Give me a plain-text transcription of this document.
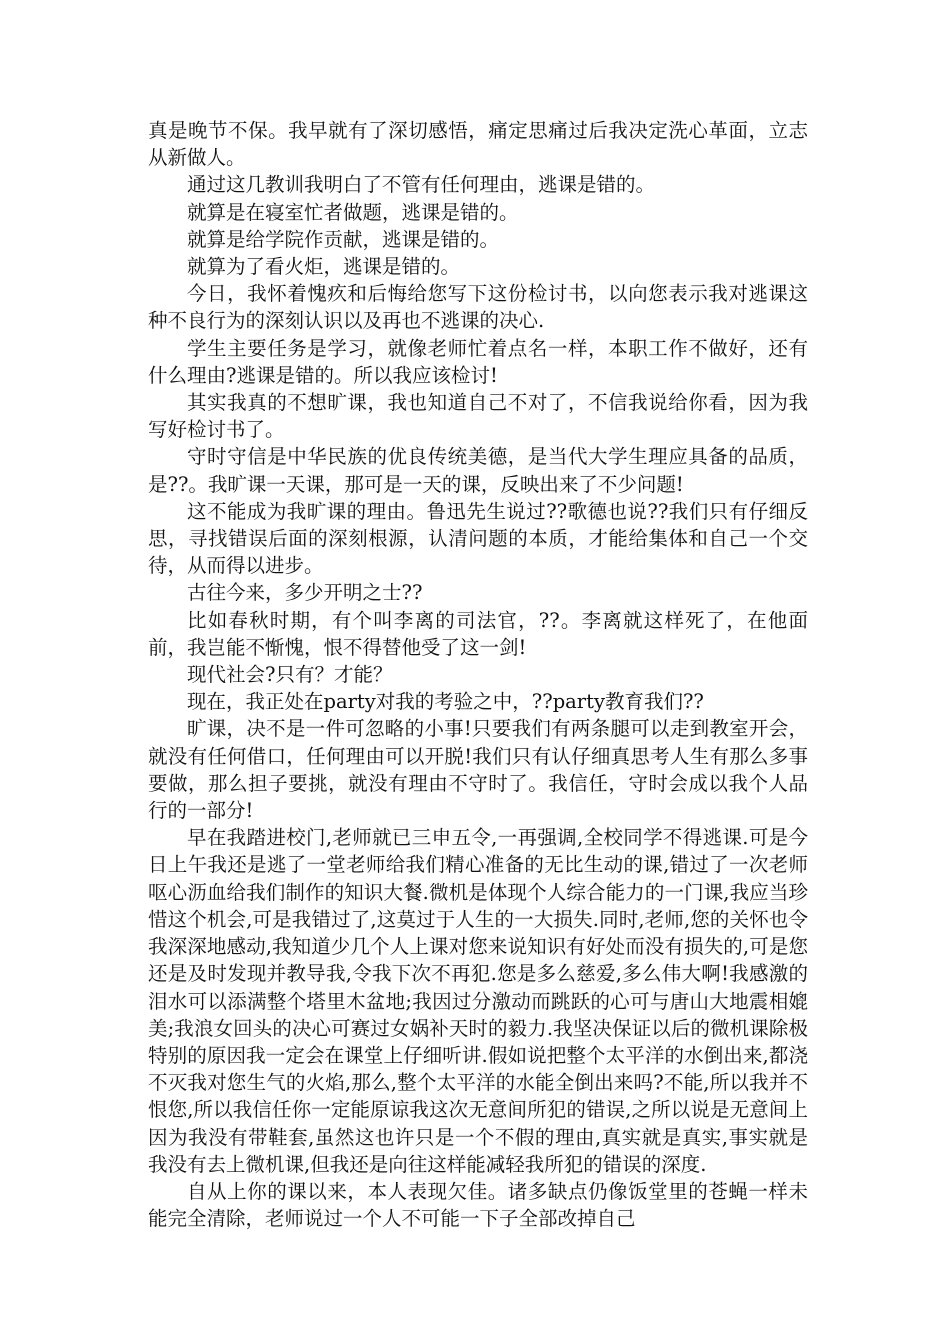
真是晚节不保。我早就有了深切感悟，痛定思痛过后我决定洗心革面，立志从新做人。

通过这几教训我明白了不管有任何理由，逃课是错的。

就算是在寝室忙者做题，逃课是错的。

就算是给学院作贡献，逃课是错的。

就算为了看火炬，逃课是错的。

今日，我怀着愧疚和后悔给您写下这份检讨书，以向您表示我对逃课这种不良行为的深刻认识以及再也不逃课的决心.

学生主要任务是学习，就像老师忙着点名一样，本职工作不做好，还有什么理由?逃课是错的。所以我应该检讨!

其实我真的不想旷课，我也知道自己不对了，不信我说给你看，因为我写好检讨书了。

守时守信是中华民族的优良传统美德，是当代大学生理应具备的品质，是??。我旷课一天课，那可是一天的课，反映出来了不少问题!

这不能成为我旷课的理由。鲁迅先生说过??歌德也说??我们只有仔细反思，寻找错误后面的深刻根源，认清问题的本质，才能给集体和自己一个交待，从而得以进步。

古往今来，多少开明之士??

比如春秋时期，有个叫李离的司法官，??。李离就这样死了，在他面前，我岂能不惭愧，恨不得替他受了这一剑!

现代社会?只有？才能？

现在，我正处在party对我的考验之中，??party教育我们??

旷课，决不是一件可忽略的小事!只要我们有两条腿可以走到教室开会，就没有任何借口，任何理由可以开脱!我们只有认仔细真思考人生有那么多事要做，那么担子要挑，就没有理由不守时了。我信任，守时会成以我个人品行的一部分!

早在我踏进校门,老师就已三申五令,一再强调,全校同学不得逃课.可是今日上午我还是逃了一堂老师给我们精心准备的无比生动的课,错过了一次老师呕心沥血给我们制作的知识大餐.微机是体现个人综合能力的一门课,我应当珍惜这个机会,可是我错过了,这莫过于人生的一大损失.同时,老师,您的关怀也令我深深地感动,我知道少几个人上课对您来说知识有好处而没有损失的,可是您还是及时发现并教导我,令我下次不再犯.您是多么慈爱,多么伟大啊!我感激的泪水可以添满整个塔里木盆地;我因过分激动而跳跃的心可与唐山大地震相媲美;我浪女回头的决心可赛过女娲补天时的毅力.我坚决保证以后的微机课除极特别的原因我一定会在课堂上仔细听讲.假如说把整个太平洋的水倒出来,都浇不灭我对您生气的火焰,那么,整个太平洋的水能全倒出来吗?不能,所以我并不恨您,所以我信任你一定能原谅我这次无意间所犯的错误,之所以说是无意间上因为我没有带鞋套,虽然这也许只是一个不假的理由,真实就是真实,事实就是我没有去上微机课,但我还是向往这样能减轻我所犯的错误的深度.

自从上你的课以来，本人表现欠佳。诸多缺点仍像饭堂里的苍蝇一样未能完全清除，老师说过一个人不可能一下子全部改掉自己
